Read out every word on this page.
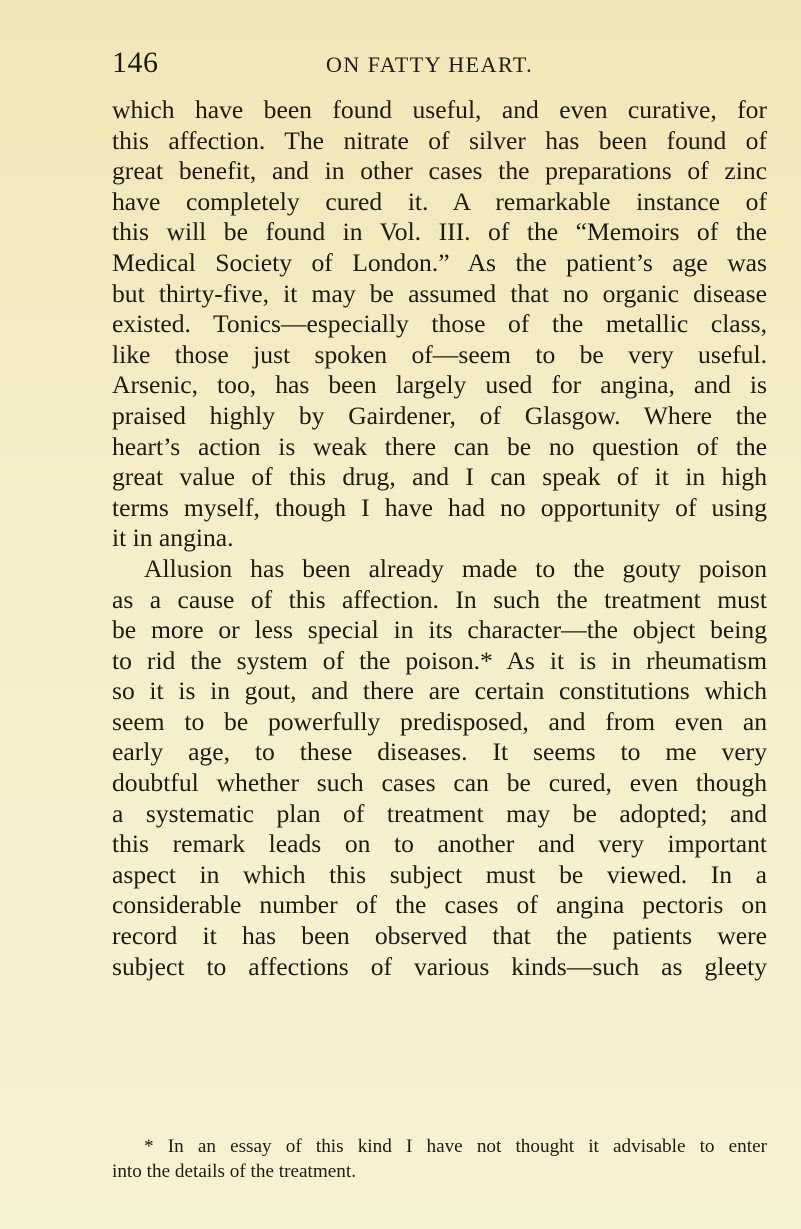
146	ON FATTY HEART.
which have been found useful, and even curative, for
this affection. The nitrate of silver has been found of
great benefit, and in other cases the preparations of zinc
have completely cured it. A remarkable instance of
this will be found in Vol. III. of the “Memoirs of the
Medical Society of London.” As the patient’s age was
but thirty-five, it may be assumed that no organic disease
existed. Tonics—especially those of the metallic class,
like those just spoken of—seem to be very useful.
Arsenic, too, has been largely used for angina, and is
praised highly by Gairdener, of Glasgow. Where the
heart’s action is weak there can be no question of the
great value of this drug, and I can speak of it in high
terms myself, though I have had no opportunity of using
it in angina.
Allusion has been already made to the gouty poison
as a cause of this affection. In such the treatment must
be more or less special in its character—the object being
to rid the system of the poison.* As it is in rheumatism
so it is in gout, and there are certain constitutions which
seem to be powerfully predisposed, and from even an
early age, to these diseases. It seems to me very
doubtful whether such cases can be cured, even though
a systematic plan of treatment may be adopted; and
this remark leads on to another and very important
aspect in which this subject must be viewed. In a
considerable number of the cases of angina pectoris on
record it has been observed that the patients were
subject to affections of various kinds—such as gleety
* In an essay of this kind I have not thought it advisable to enter
into the details of the treatment.
